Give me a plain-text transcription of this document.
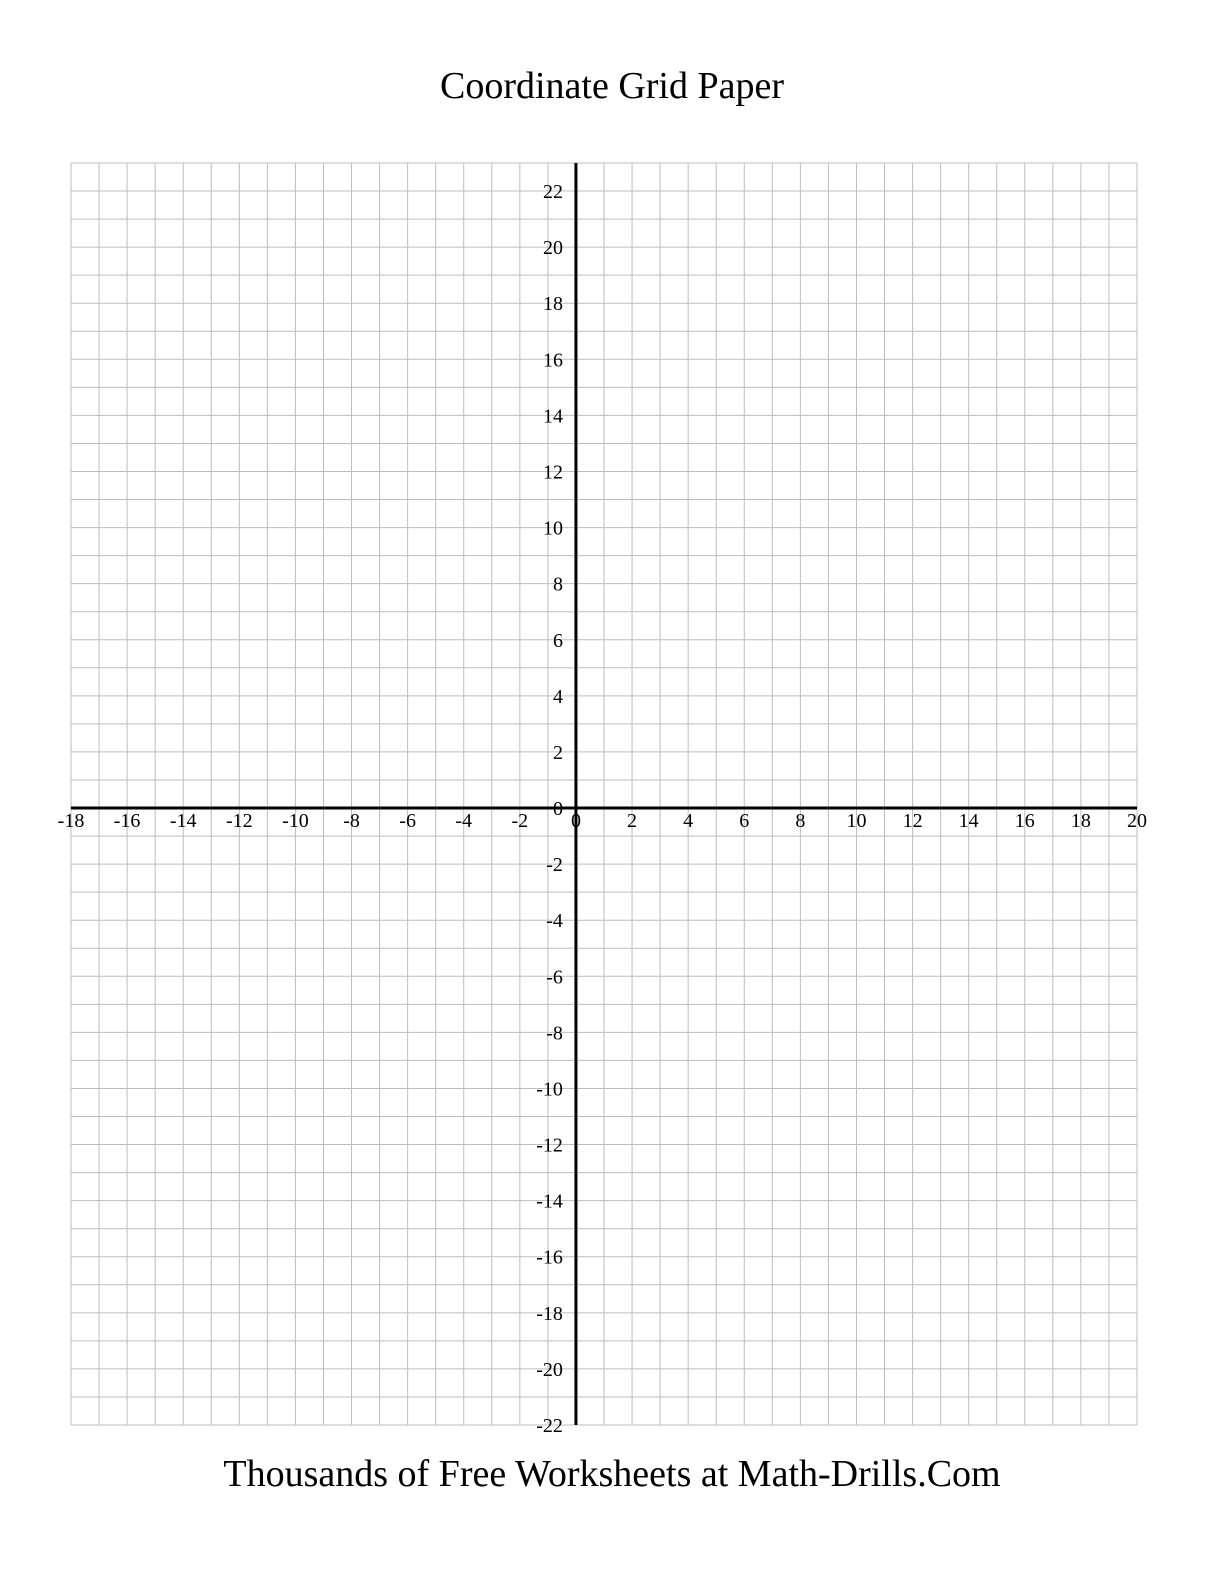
Coordinate Grid Paper
-18 -16 -14 -12 -10 -8 -6 -4 -2 0 2 4 6 8 10 12 14 16 18 20
22
20
18
16
14
12
10
8
6
4
2
0
-2
-4
-6
-8
-10
-12
-14
-16
-18
-20
-22

Thousands of Free Worksheets at Math-Drills.Com
